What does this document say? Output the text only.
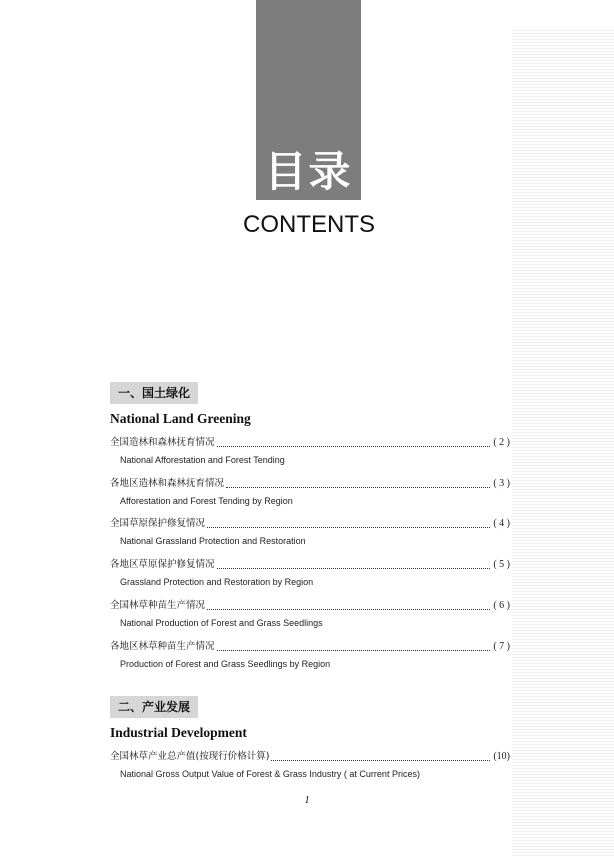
目录
CONTENTS
一、国土绿化
National Land Greening
全国造林和森林抚育情况	( 2 )
National Afforestation and Forest Tending
各地区造林和森林抚育情况	( 3 )
Afforestation and Forest Tending by Region
全国草原保护修复情况	( 4 )
National Grassland Protection and Restoration
各地区草原保护修复情况	( 5 )
Grassland Protection and Restoration by Region
全国林草种苗生产情况	( 6 )
National Production of Forest and Grass Seedlings
各地区林草种苗生产情况	( 7 )
Production of Forest and Grass Seedlings by Region
二、产业发展
Industrial Development
全国林草产业总产值(按现行价格计算)	(10)
National Gross Output Value of Forest & Grass Industry ( at Current Prices)
1
